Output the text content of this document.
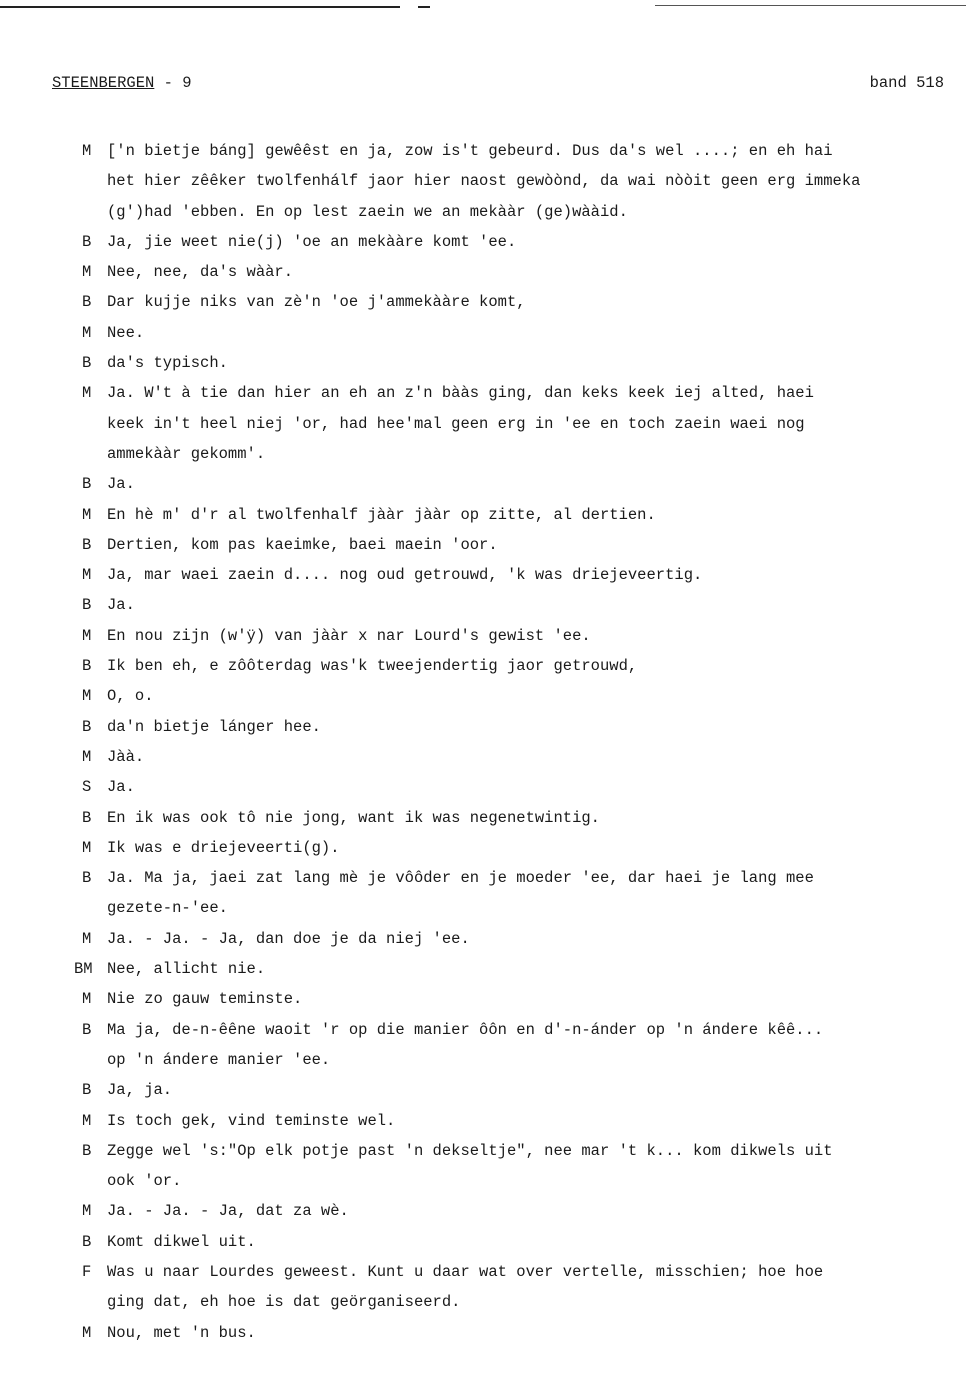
STEENBERGEN - 9	band 518
M	['n bietje báng] gewêêst en ja, zow is't gebeurd. Dus da's wel ....; en eh hai
het hier zêêker twolfenhálf jaor hier naost gewòònd, da wai nòòit geen erg immeka
(g')had 'ebben. En op lest zaein we an mekààr (ge)wààid.
B	Ja, jie weet nie(j) 'oe an mekààre komt 'ee.
M	Nee, nee, da's wààr.
B	Dar kujje niks van zè'n 'oe j'ammekààre komt,
M	Nee.
B	da's typisch.
M	Ja. W't à tie dan hier an eh an z'n bààs ging, dan keks keek iej alted, haei
keek in't heel niej 'or, had hee'mal geen erg in 'ee en toch zaein waei nog
ammekààr gekomm'.
B	Ja.
M	En hè m' d'r al twolfenhalf jààr jààr op zitte, al dertien.
B	Dertien, kom pas kaeimke, baei maein 'oor.
M	Ja, mar waei zaein d.... nog oud getrouwd, 'k was driejeveertig.
B	Ja.
M	En nou zijn (w'ÿ) van jààr x nar Lourd's gewist 'ee.
B	Ik ben eh, e zôôterdag was'k tweejendertig jaor getrouwd,
M	O, o.
B	da'n bietje lánger hee.
M	Jàà.
S	Ja.
B	En ik was ook tô nie jong, want ik was negenetwintig.
M	Ik was e driejeveerti(g).
B	Ja. Ma ja, jaei zat lang mè je vôôder en je moeder 'ee, dar haei je lang mee
gezete-n-'ee.
M	Ja. - Ja. - Ja, dan doe je da niej 'ee.
BM Nee, allicht nie.
M	Nie zo gauw teminste.
B	Ma ja, de-n-êêne waoit 'r op die manier ôôn en d'-n-ánder op 'n ándere kêê...
op 'n ándere manier 'ee.
B	Ja, ja.
M	Is toch gek, vind teminste wel.
B	Zegge wel 's:"Op elk potje past 'n dekseltje", nee mar 't k... kom dikwels uit
ook 'or.
M	Ja. - Ja. - Ja, dat za wè.
B	Komt dikwel uit.
F	Was u naar Lourdes geweest. Kunt u daar wat over vertelle, misschien; hoe hoe
ging dat, eh hoe is dat geörganiseerd.
M	Nou, met 'n bus.
